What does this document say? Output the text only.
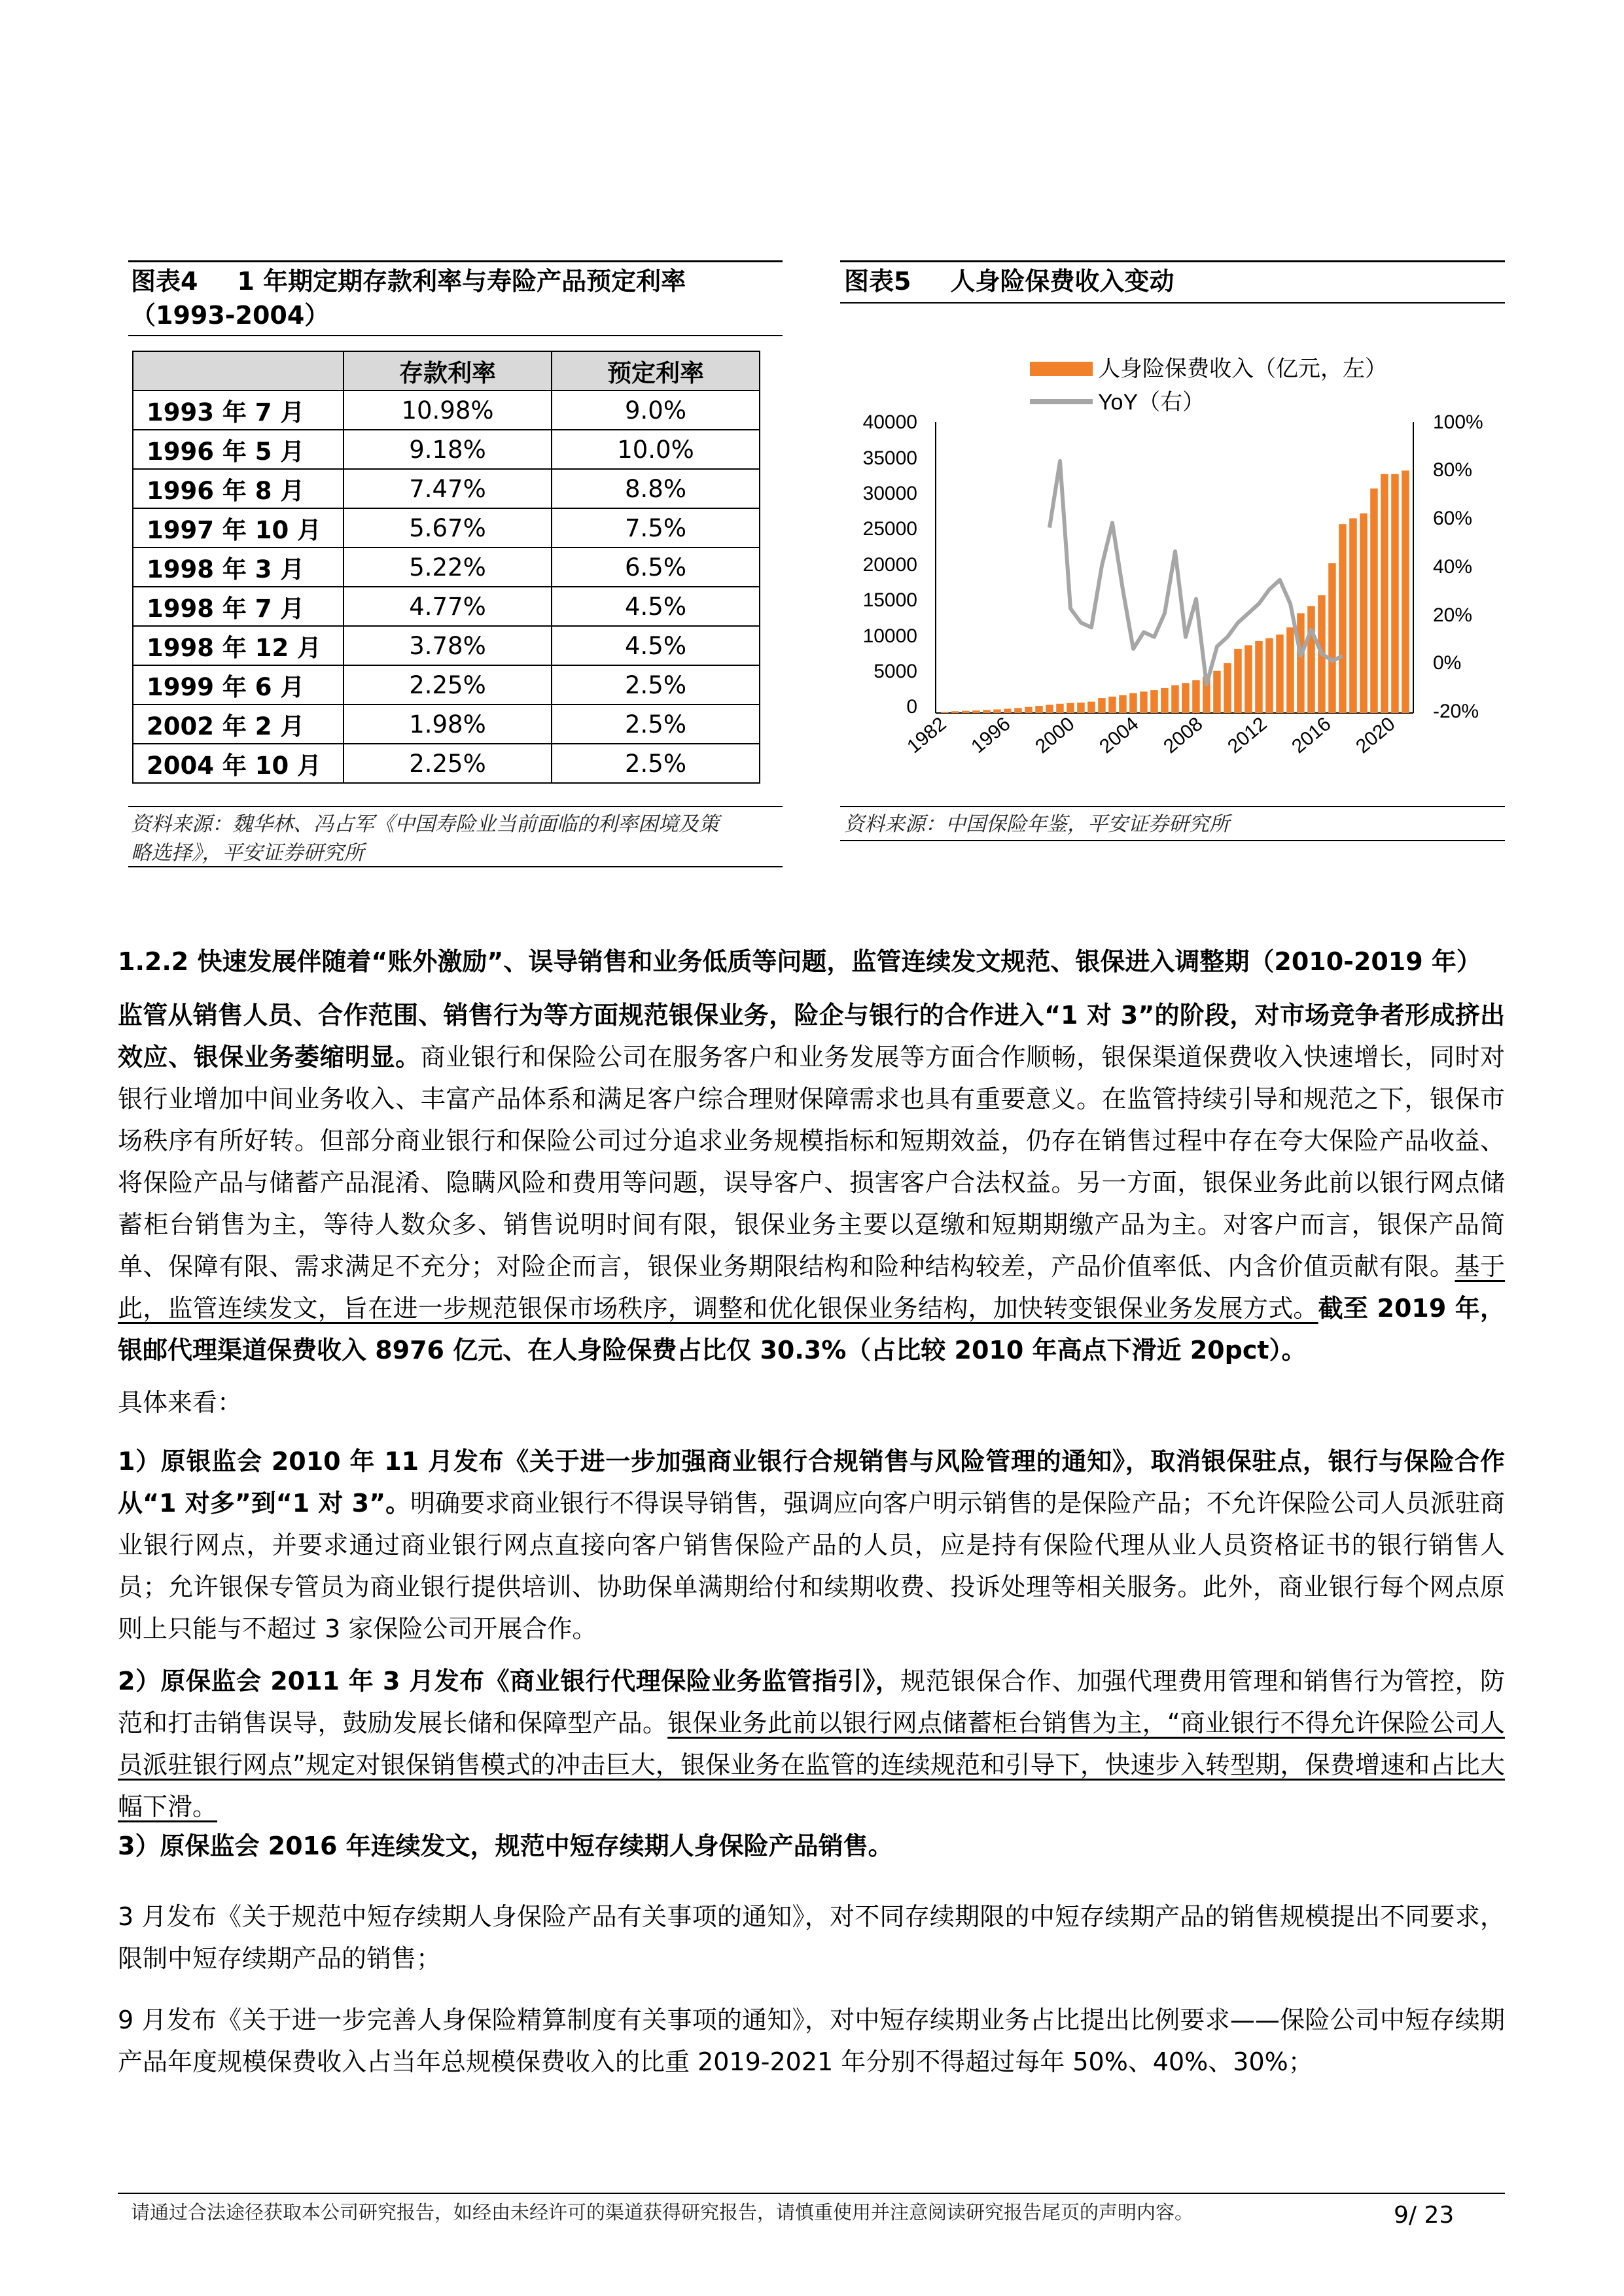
图表4 1 年期定期存款利率与寿险产品预定利率
（1993-2004）
	存款利率	预定利率
1993 年 7 月	10.98%	9.0%
1996 年 5 月	9.18%	10.0%
1996 年 8 月	7.47%	8.8%
1997 年 10 月	5.67%	7.5%
1998 年 3 月	5.22%	6.5%
1998 年 7 月	4.77%	4.5%
1998 年 12 月	3.78%	4.5%
1999 年 6 月	2.25%	2.5%
2002 年 2 月	1.98%	2.5%
2004 年 10 月	2.25%	2.5%
资料来源：魏华林、冯占军《中国寿险业当前面临的利率困境及策
略选择》，平安证券研究所
图表5 人身险保费收入变动
人身险保费收入（亿元，左）
YoY（右）
40000
35000
30000
25000
20000
15000
10000
5000
0
100%
80%
60%
40%
20%
0%
-20%
1982 1996 2000 2004 2008 2012 2016 2020
资料来源：中国保险年鉴，平安证券研究所
1.2.2 快速发展伴随着“账外激励”、误导销售和业务低质等问题，监管连续发文规范、银保进入调整期（2010-2019 年）
监管从销售人员、合作范围、销售行为等方面规范银保业务，险企与银行的合作进入“1 对 3”的阶段，对市场竞争者形成挤出效应、银保业务萎缩明显。商业银行和保险公司在服务客户和业务发展等方面合作顺畅，银保渠道保费收入快速增长，同时对银行业增加中间业务收入、丰富产品体系和满足客户综合理财保障需求也具有重要意义。在监管持续引导和规范之下，银保市场秩序有所好转。但部分商业银行和保险公司过分追求业务规模指标和短期效益，仍存在销售过程中存在夸大保险产品收益、将保险产品与储蓄产品混淆、隐瞒风险和费用等问题，误导客户、损害客户合法权益。另一方面，银保业务此前以银行网点储蓄柜台销售为主，等待人数众多、销售说明时间有限，银保业务主要以趸缴和短期期缴产品为主。对客户而言，银保产品简单、保障有限、需求满足不充分；对险企而言，银保业务期限结构和险种结构较差，产品价值率低、内含价值贡献有限。基于此，监管连续发文，旨在进一步规范银保市场秩序，调整和优化银保业务结构，加快转变银保业务发展方式。截至 2019 年，银邮代理渠道保费收入 8976 亿元、在人身险保费占比仅 30.3%（占比较 2010 年高点下滑近 20pct）。
具体来看：
1）原银监会 2010 年 11 月发布《关于进一步加强商业银行合规销售与风险管理的通知》，取消银保驻点，银行与保险合作从“1 对多”到“1 对 3”。明确要求商业银行不得误导销售，强调应向客户明示销售的是保险产品；不允许保险公司人员派驻商业银行网点，并要求通过商业银行网点直接向客户销售保险产品的人员，应是持有保险代理从业人员资格证书的银行销售人员；允许银保专管员为商业银行提供培训、协助保单满期给付和续期收费、投诉处理等相关服务。此外，商业银行每个网点原则上只能与不超过 3 家保险公司开展合作。
2）原保监会 2011 年 3 月发布《商业银行代理保险业务监管指引》，规范银保合作、加强代理费用管理和销售行为管控，防范和打击销售误导，鼓励发展长储和保障型产品。银保业务此前以银行网点储蓄柜台销售为主，“商业银行不得允许保险公司人员派驻银行网点”规定对银保销售模式的冲击巨大，银保业务在监管的连续规范和引导下，快速步入转型期，保费增速和占比大幅下滑。
3）原保监会 2016 年连续发文，规范中短存续期人身保险产品销售。
3 月发布《关于规范中短存续期人身保险产品有关事项的通知》，对不同存续期限的中短存续期产品的销售规模提出不同要求，限制中短存续期产品的销售；
9 月发布《关于进一步完善人身保险精算制度有关事项的通知》，对中短存续期业务占比提出比例要求——保险公司中短存续期产品年度规模保费收入占当年总规模保费收入的比重 2019-2021 年分别不得超过每年 50%、40%、30%；
请通过合法途径获取本公司研究报告，如经由未经许可的渠道获得研究报告，请慎重使用并注意阅读研究报告尾页的声明内容。	9/ 23
